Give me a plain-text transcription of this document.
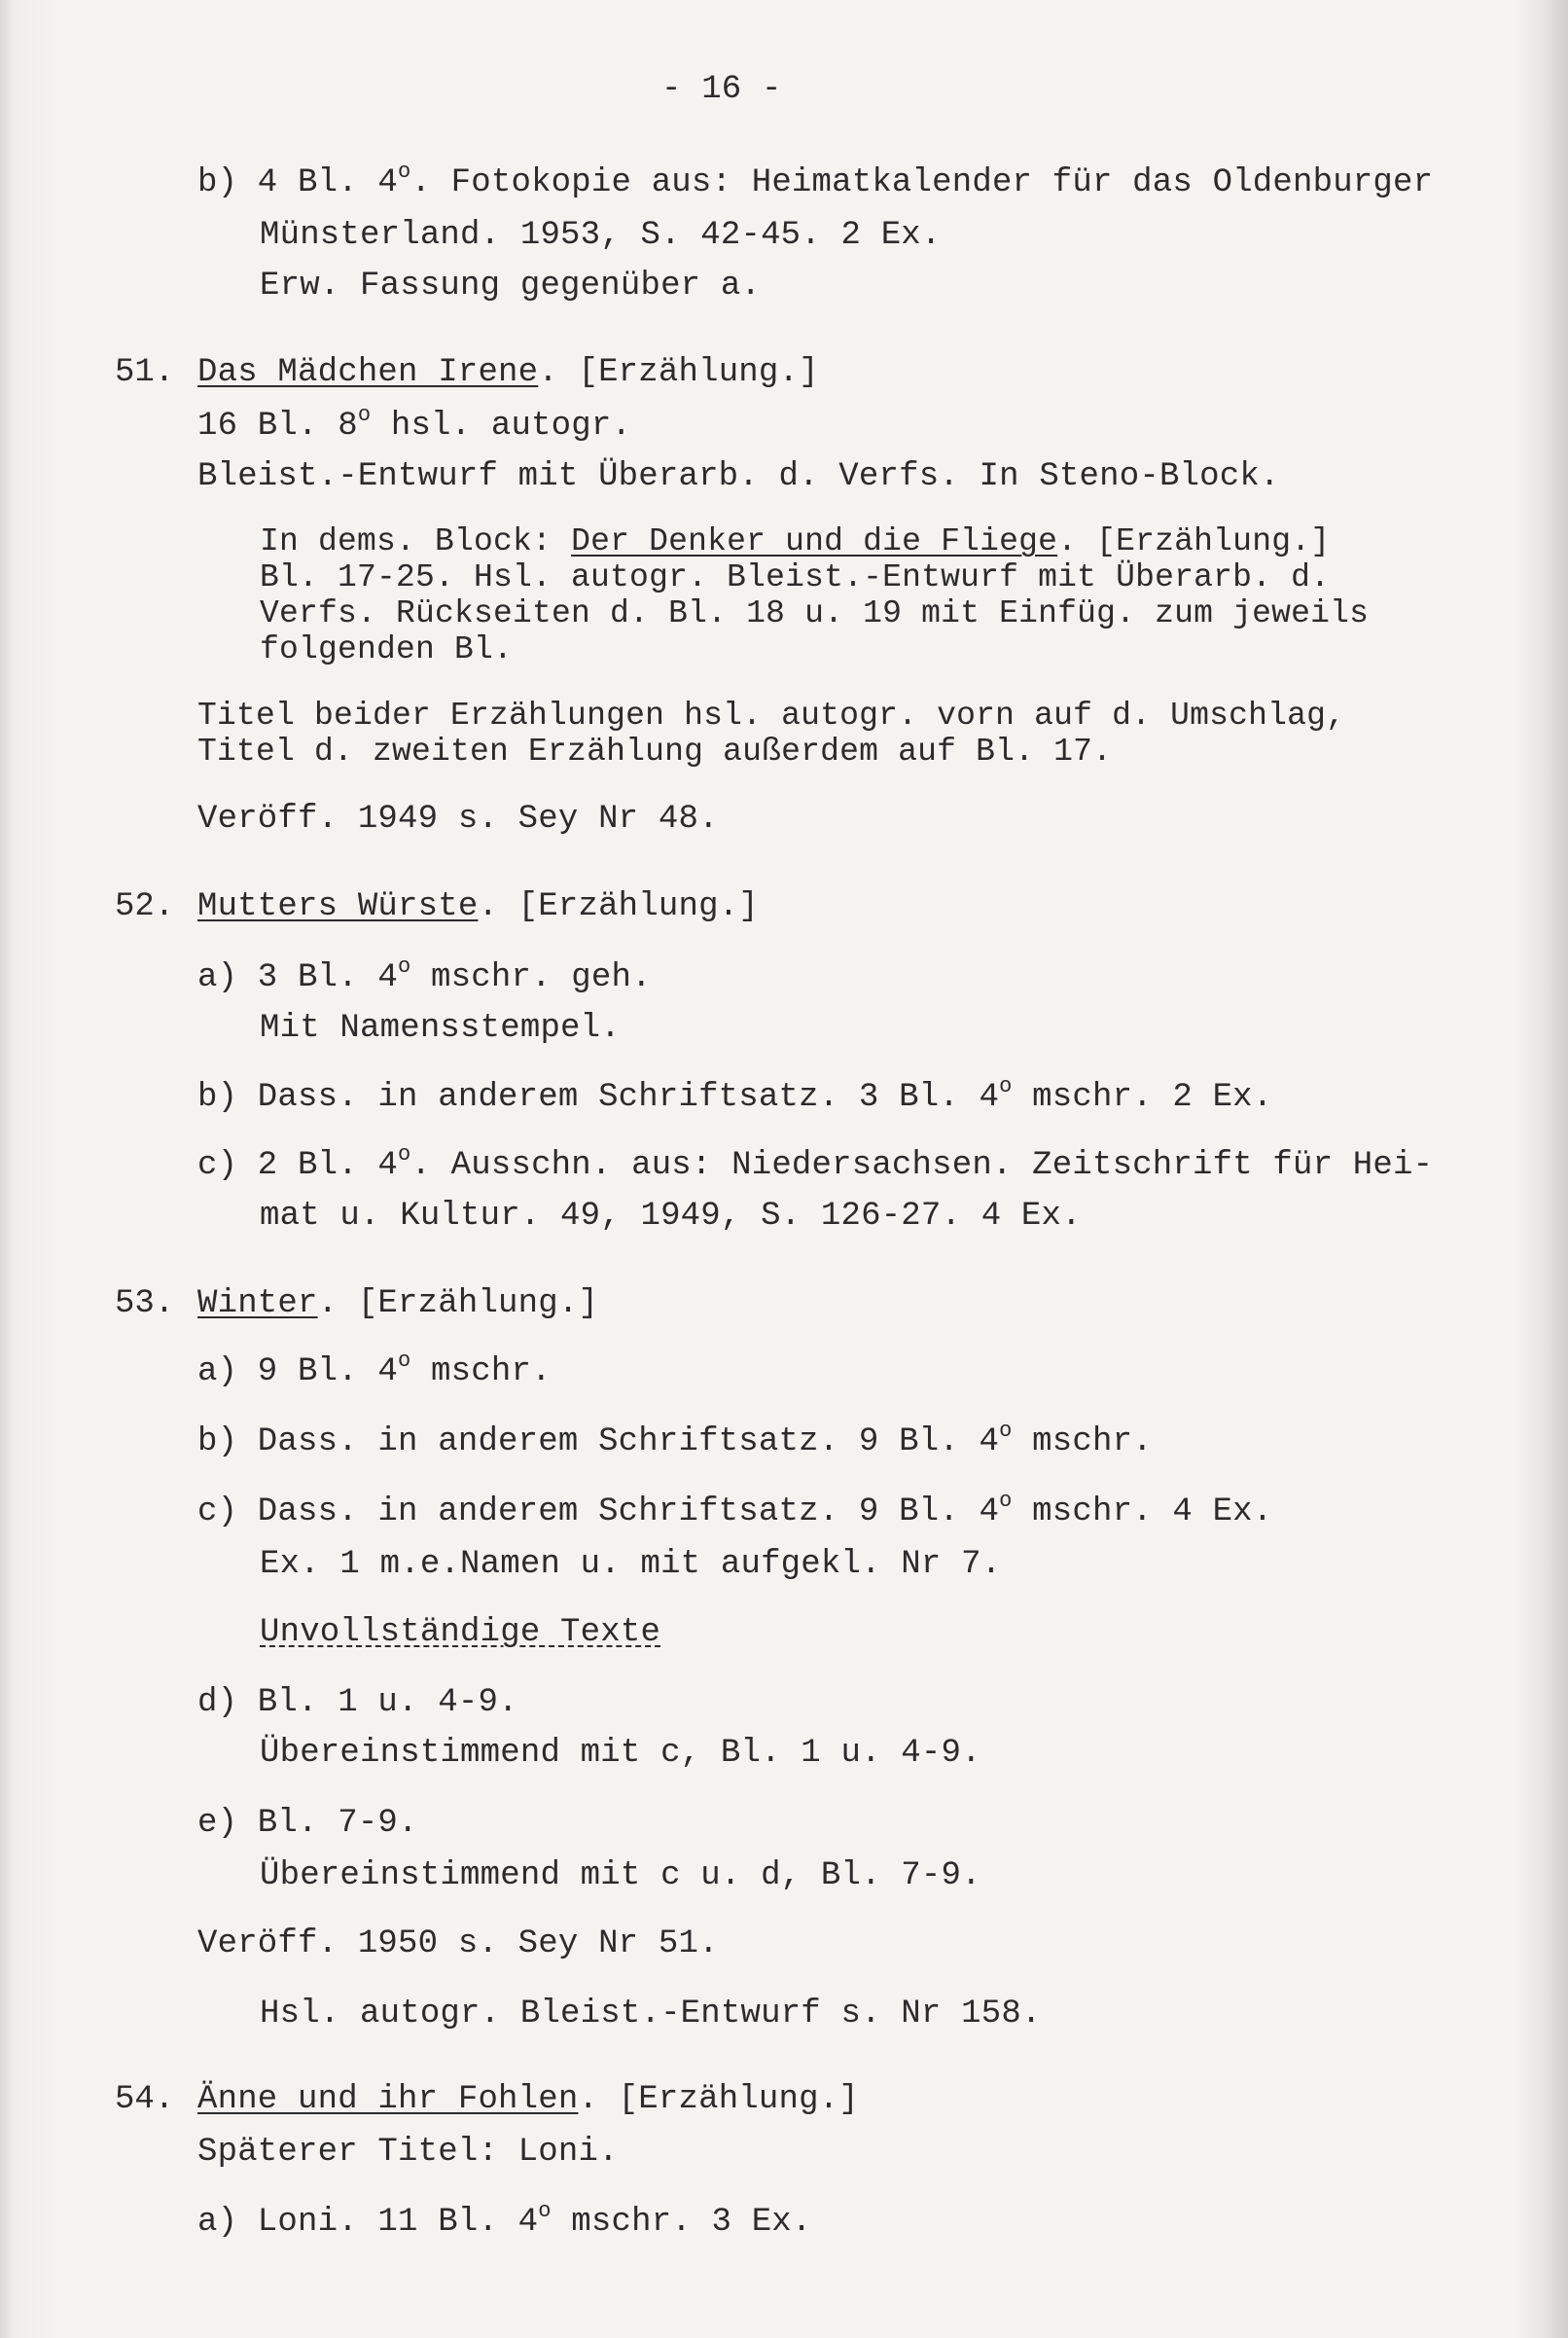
- 16 -
b) 4 Bl. 4$^o$. Fotokopie aus: Heimatkalender für das Oldenburger
Münsterland. 1953, S. 42-45. 2 Ex.
Erw. Fassung gegenüber a.
51. Das Mädchen Irene. [Erzählung.]
16 Bl. 8$^o$ hsl. autogr.
Bleist.-Entwurf mit Überarb. d. Verfs. In Steno-Block.
In dems. Block: Der Denker und die Fliege. [Erzählung.]
Bl. 17-25. Hsl. autogr. Bleist.-Entwurf mit Überarb. d.
Verfs. Rückseiten d. Bl. 18 u. 19 mit Einfüg. zum jeweils
folgenden Bl.
Titel beider Erzählungen hsl. autogr. vorn auf d. Umschlag,
Titel d. zweiten Erzählung außerdem auf Bl. 17.
Veröff. 1949 s. Sey Nr 48.
52. Mutters Würste. [Erzählung.]
a) 3 Bl. 4$^o$ mschr. geh.
Mit Namensstempel.
b) Dass. in anderem Schriftsatz. 3 Bl. 4$^o$ mschr. 2 Ex.
c) 2 Bl. 4$^o$. Ausschn. aus: Niedersachsen. Zeitschrift für Hei-
mat u. Kultur. 49, 1949, S. 126-27. 4 Ex.
53. Winter. [Erzählung.]
a) 9 Bl. 4$^o$ mschr.
b) Dass. in anderem Schriftsatz. 9 Bl. 4$^o$ mschr.
c) Dass. in anderem Schriftsatz. 9 Bl. 4$^o$ mschr. 4 Ex.
Ex. 1 m.e.Namen u. mit aufgekl. Nr 7.
Unvollständige Texte
d) Bl. 1 u. 4-9.
Übereinstimmend mit c, Bl. 1 u. 4-9.
e) Bl. 7-9.
Übereinstimmend mit c u. d, Bl. 7-9.
Veröff. 1950 s. Sey Nr 51.
Hsl. autogr. Bleist.-Entwurf s. Nr 158.
54. Änne und ihr Fohlen. [Erzählung.]
Späterer Titel: Loni.
a) Loni. 11 Bl. 4$^o$ mschr. 3 Ex.
